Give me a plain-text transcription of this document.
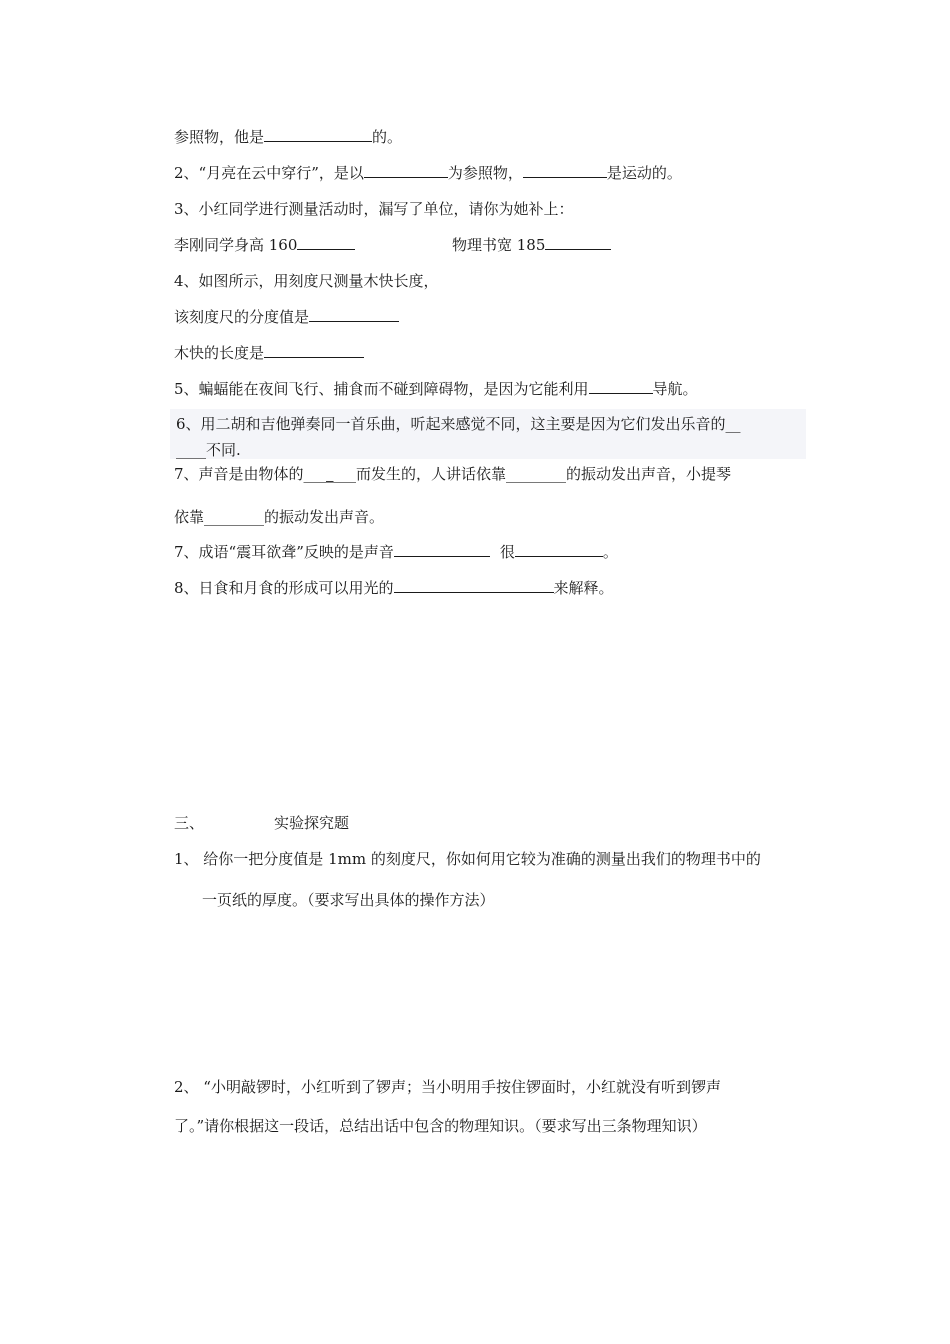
参照物，他是	的。
2、“月亮在云中穿行”，是以	为参照物，	是运动的。
3、小红同学进行测量活动时，漏写了单位，请你为她补上：
李刚同学身高 160	物理书宽 185
4、如图所示，用刻度尺测量木快长度，
该刻度尺的分度值是
木快的长度是
5、蝙蝠能在夜间飞行、捕食而不碰到障碍物，是因为它能利用	导航。
6、用二胡和吉他弹奏同一首乐曲，听起来感觉不同，这主要是因为它们发出乐音的__
____不同.
7、声音是由物体的_______而发生的，人讲话依靠________的振动发出声音，小提琴
依靠________的振动发出声音。
7、成语“震耳欲聋”反映的是声音	很	。
8、日食和月食的形成可以用光的	来解释。
三、	实验探究题
1、 给你一把分度值是 1mm 的刻度尺，你如何用它较为准确的测量出我们的物理书中的
一页纸的厚度。（要求写出具体的操作方法）
2、 “小明敲锣时，小红听到了锣声；当小明用手按住锣面时，小红就没有听到锣声
了。”请你根据这一段话，总结出话中包含的物理知识。（要求写出三条物理知识）
